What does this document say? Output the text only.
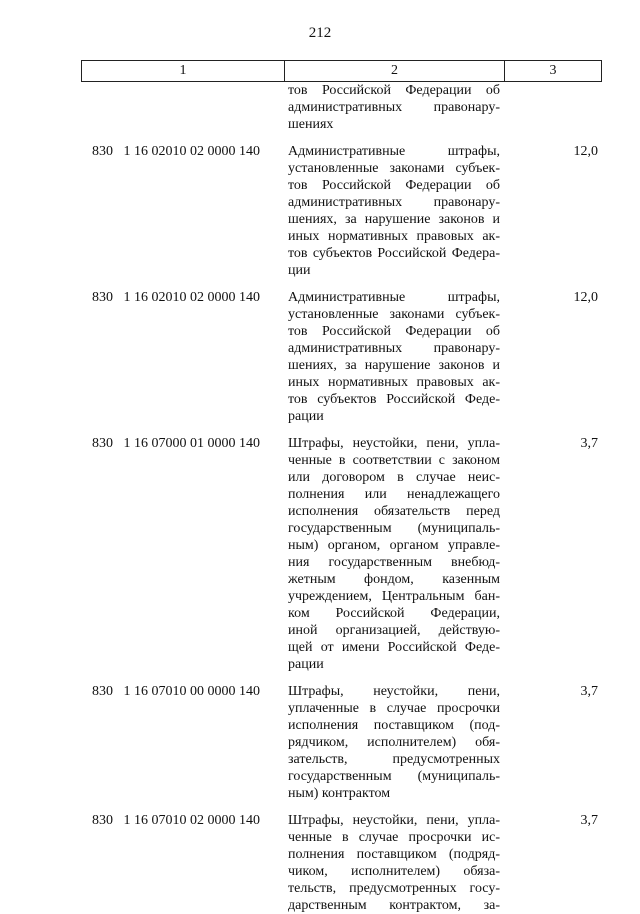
212
1	2	3
тов Российской Федерации об
административных правонару-
шениях
830   1 16 02010 02 0000 140	Административные штрафы,
установленные законами субъек-
тов Российской Федерации об
административных правонару-
шениях, за нарушение законов и
иных нормативных правовых ак-
тов субъектов Российской Федера-
ции
12,0
830   1 16 02010 02 0000 140	Административные штрафы,
установленные законами субъек-
тов Российской Федерации об
административных правонару-
шениях, за нарушение законов и
иных нормативных правовых ак-
тов субъектов Российской Феде-
рации
12,0
830   1 16 07000 01 0000 140	Штрафы, неустойки, пени, упла-
ченные в соответствии с законом
или договором в случае неис-
полнения или ненадлежащего
исполнения обязательств перед
государственным (муниципаль-
ным) органом, органом управле-
ния государственным внебюд-
жетным фондом, казенным
учреждением, Центральным бан-
ком Российской Федерации,
иной организацией, действую-
щей от имени Российской Феде-
рации
3,7
830   1 16 07010 00 0000 140	Штрафы, неустойки, пени,
уплаченные в случае просрочки
исполнения поставщиком (под-
рядчиком, исполнителем) обя-
зательств, предусмотренных
государственным (муниципаль-
ным) контрактом
3,7
830   1 16 07010 02 0000 140	Штрафы, неустойки, пени, упла-
ченные в случае просрочки ис-
полнения поставщиком (подряд-
чиком, исполнителем) обяза-
тельств, предусмотренных госу-
дарственным контрактом, за-
3,7
